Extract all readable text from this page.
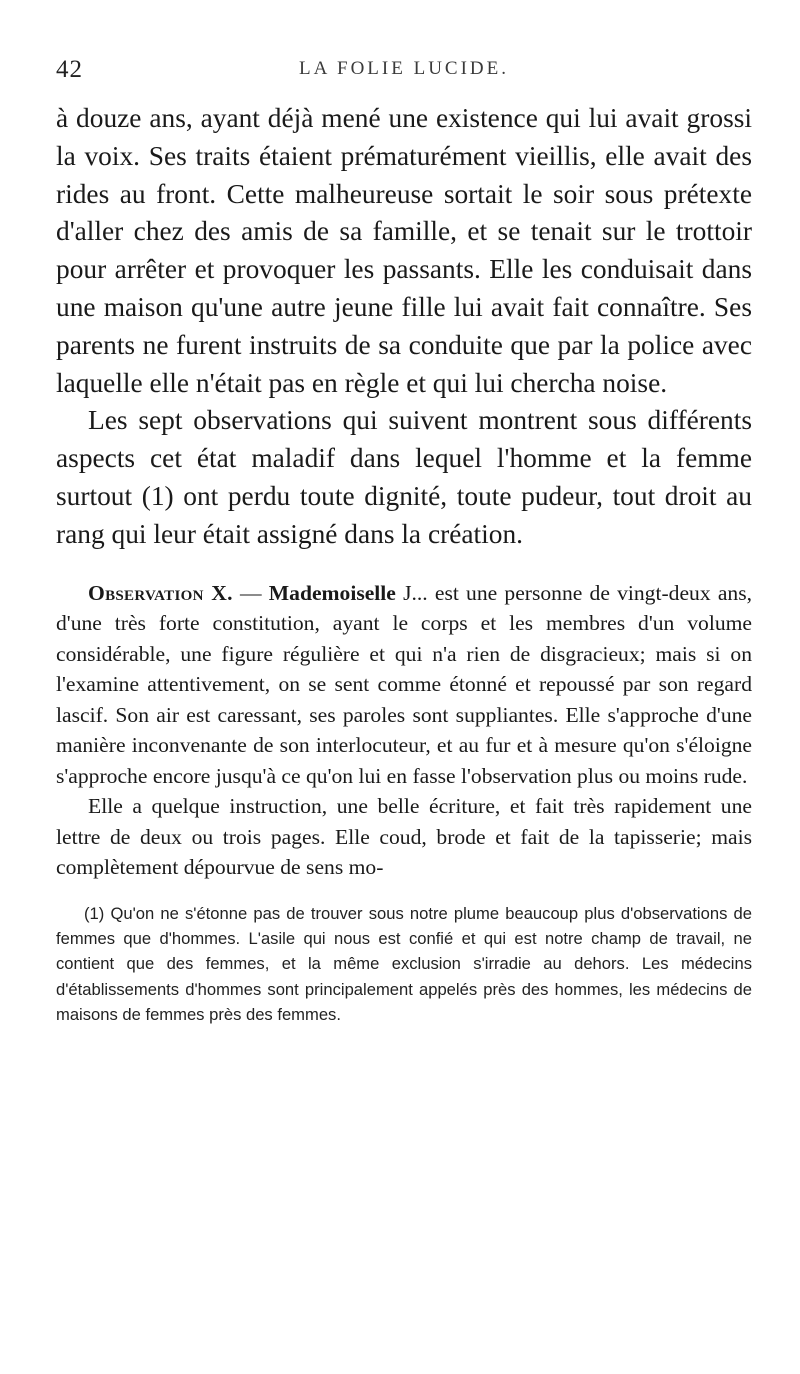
42	LA FOLIE LUCIDE.

à douze ans, ayant déjà mené une existence qui lui avait grossi la voix. Ses traits étaient prématurément vieillis, elle avait des rides au front. Cette malheureuse sortait le soir sous prétexte d'aller chez des amis de sa famille, et se tenait sur le trottoir pour arrêter et provoquer les passants. Elle les conduisait dans une maison qu'une autre jeune fille lui avait fait connaître. Ses parents ne furent instruits de sa conduite que par la police avec laquelle elle n'était pas en règle et qui lui chercha noise.

Les sept observations qui suivent montrent sous différents aspects cet état maladif dans lequel l'homme et la femme surtout (1) ont perdu toute dignité, toute pudeur, tout droit au rang qui leur était assigné dans la création.

Observation X. — Mademoiselle J... est une personne de vingt-deux ans, d'une très forte constitution, ayant le corps et les membres d'un volume considérable, une figure régulière et qui n'a rien de disgracieux; mais si on l'examine attentivement, on se sent comme étonné et repoussé par son regard lascif. Son air est caressant, ses paroles sont suppliantes. Elle s'approche d'une manière inconvenante de son interlocuteur, et au fur et à mesure qu'on s'éloigne s'approche encore jusqu'à ce qu'on lui en fasse l'observation plus ou moins rude.

Elle a quelque instruction, une belle écriture, et fait très rapidement une lettre de deux ou trois pages. Elle coud, brode et fait de la tapisserie; mais complètement dépourvue de sens mo-

(1) Qu'on ne s'étonne pas de trouver sous notre plume beaucoup plus d'observations de femmes que d'hommes. L'asile qui nous est confié et qui est notre champ de travail, ne contient que des femmes, et la même exclusion s'irradie au dehors. Les médecins d'établissements d'hommes sont principalement appelés près des hommes, les médecins de maisons de femmes près des femmes.
